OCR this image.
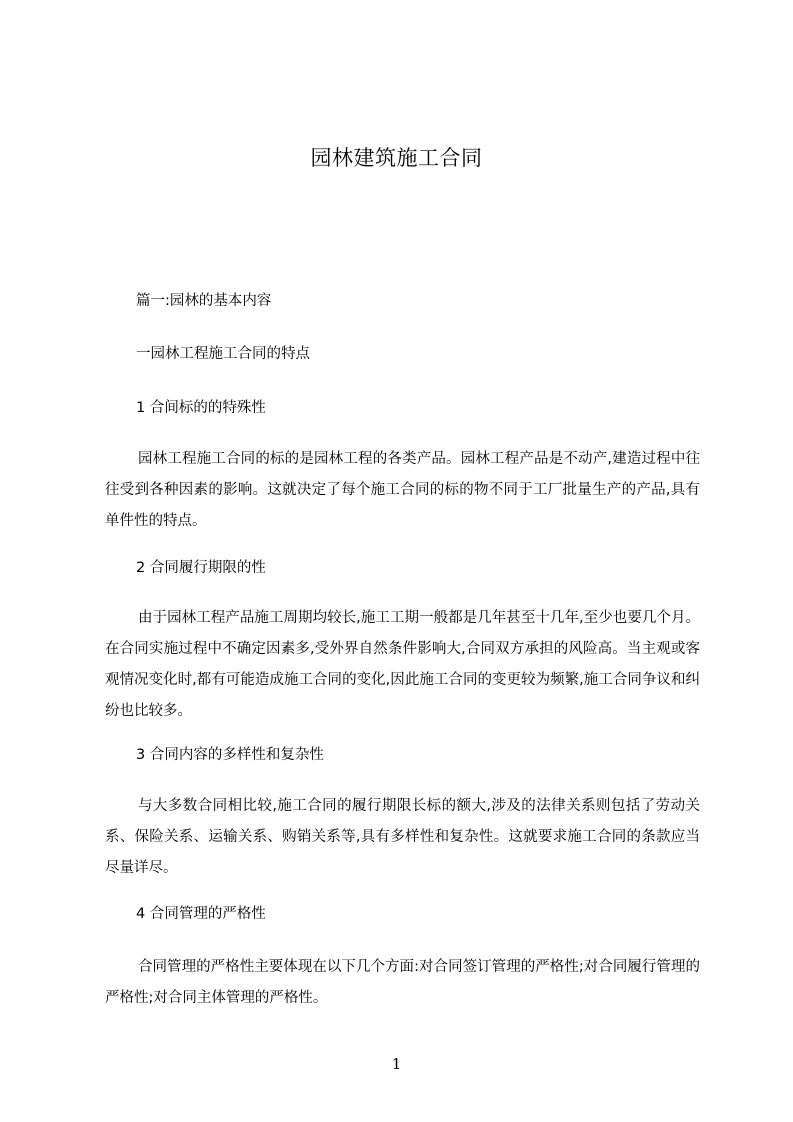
园林建筑施工合同
篇一:园林的基本内容
一园林工程施工合同的特点
1 合间标的的特殊性
园林工程施工合同的标的是园林工程的各类产品。园林工程产品是不动产,建造过程中往往受到各种因素的影响。这就决定了每个施工合同的标的物不同于工厂批量生产的产品,具有单件性的特点。
2 合同履行期限的性
由于园林工程产品施工周期均较长,施工工期一般都是几年甚至十几年,至少也要几个月。在合同实施过程中不确定因素多,受外界自然条件影响大,合同双方承担的风险高。当主观或客观情况变化时,都有可能造成施工合同的变化,因此施工合同的变更较为频繁,施工合同争议和纠纷也比较多。
3 合同内容的多样性和复杂性
与大多数合同相比较,施工合同的履行期限长标的额大,涉及的法律关系则包括了劳动关系、保险关系、运输关系、购销关系等,具有多样性和复杂性。这就要求施工合同的条款应当尽量详尽。
4 合同管理的严格性
合同管理的严格性主要体现在以下几个方面:对合同签订管理的严格性;对合同履行管理的严格性;对合同主体管理的严格性。
1
